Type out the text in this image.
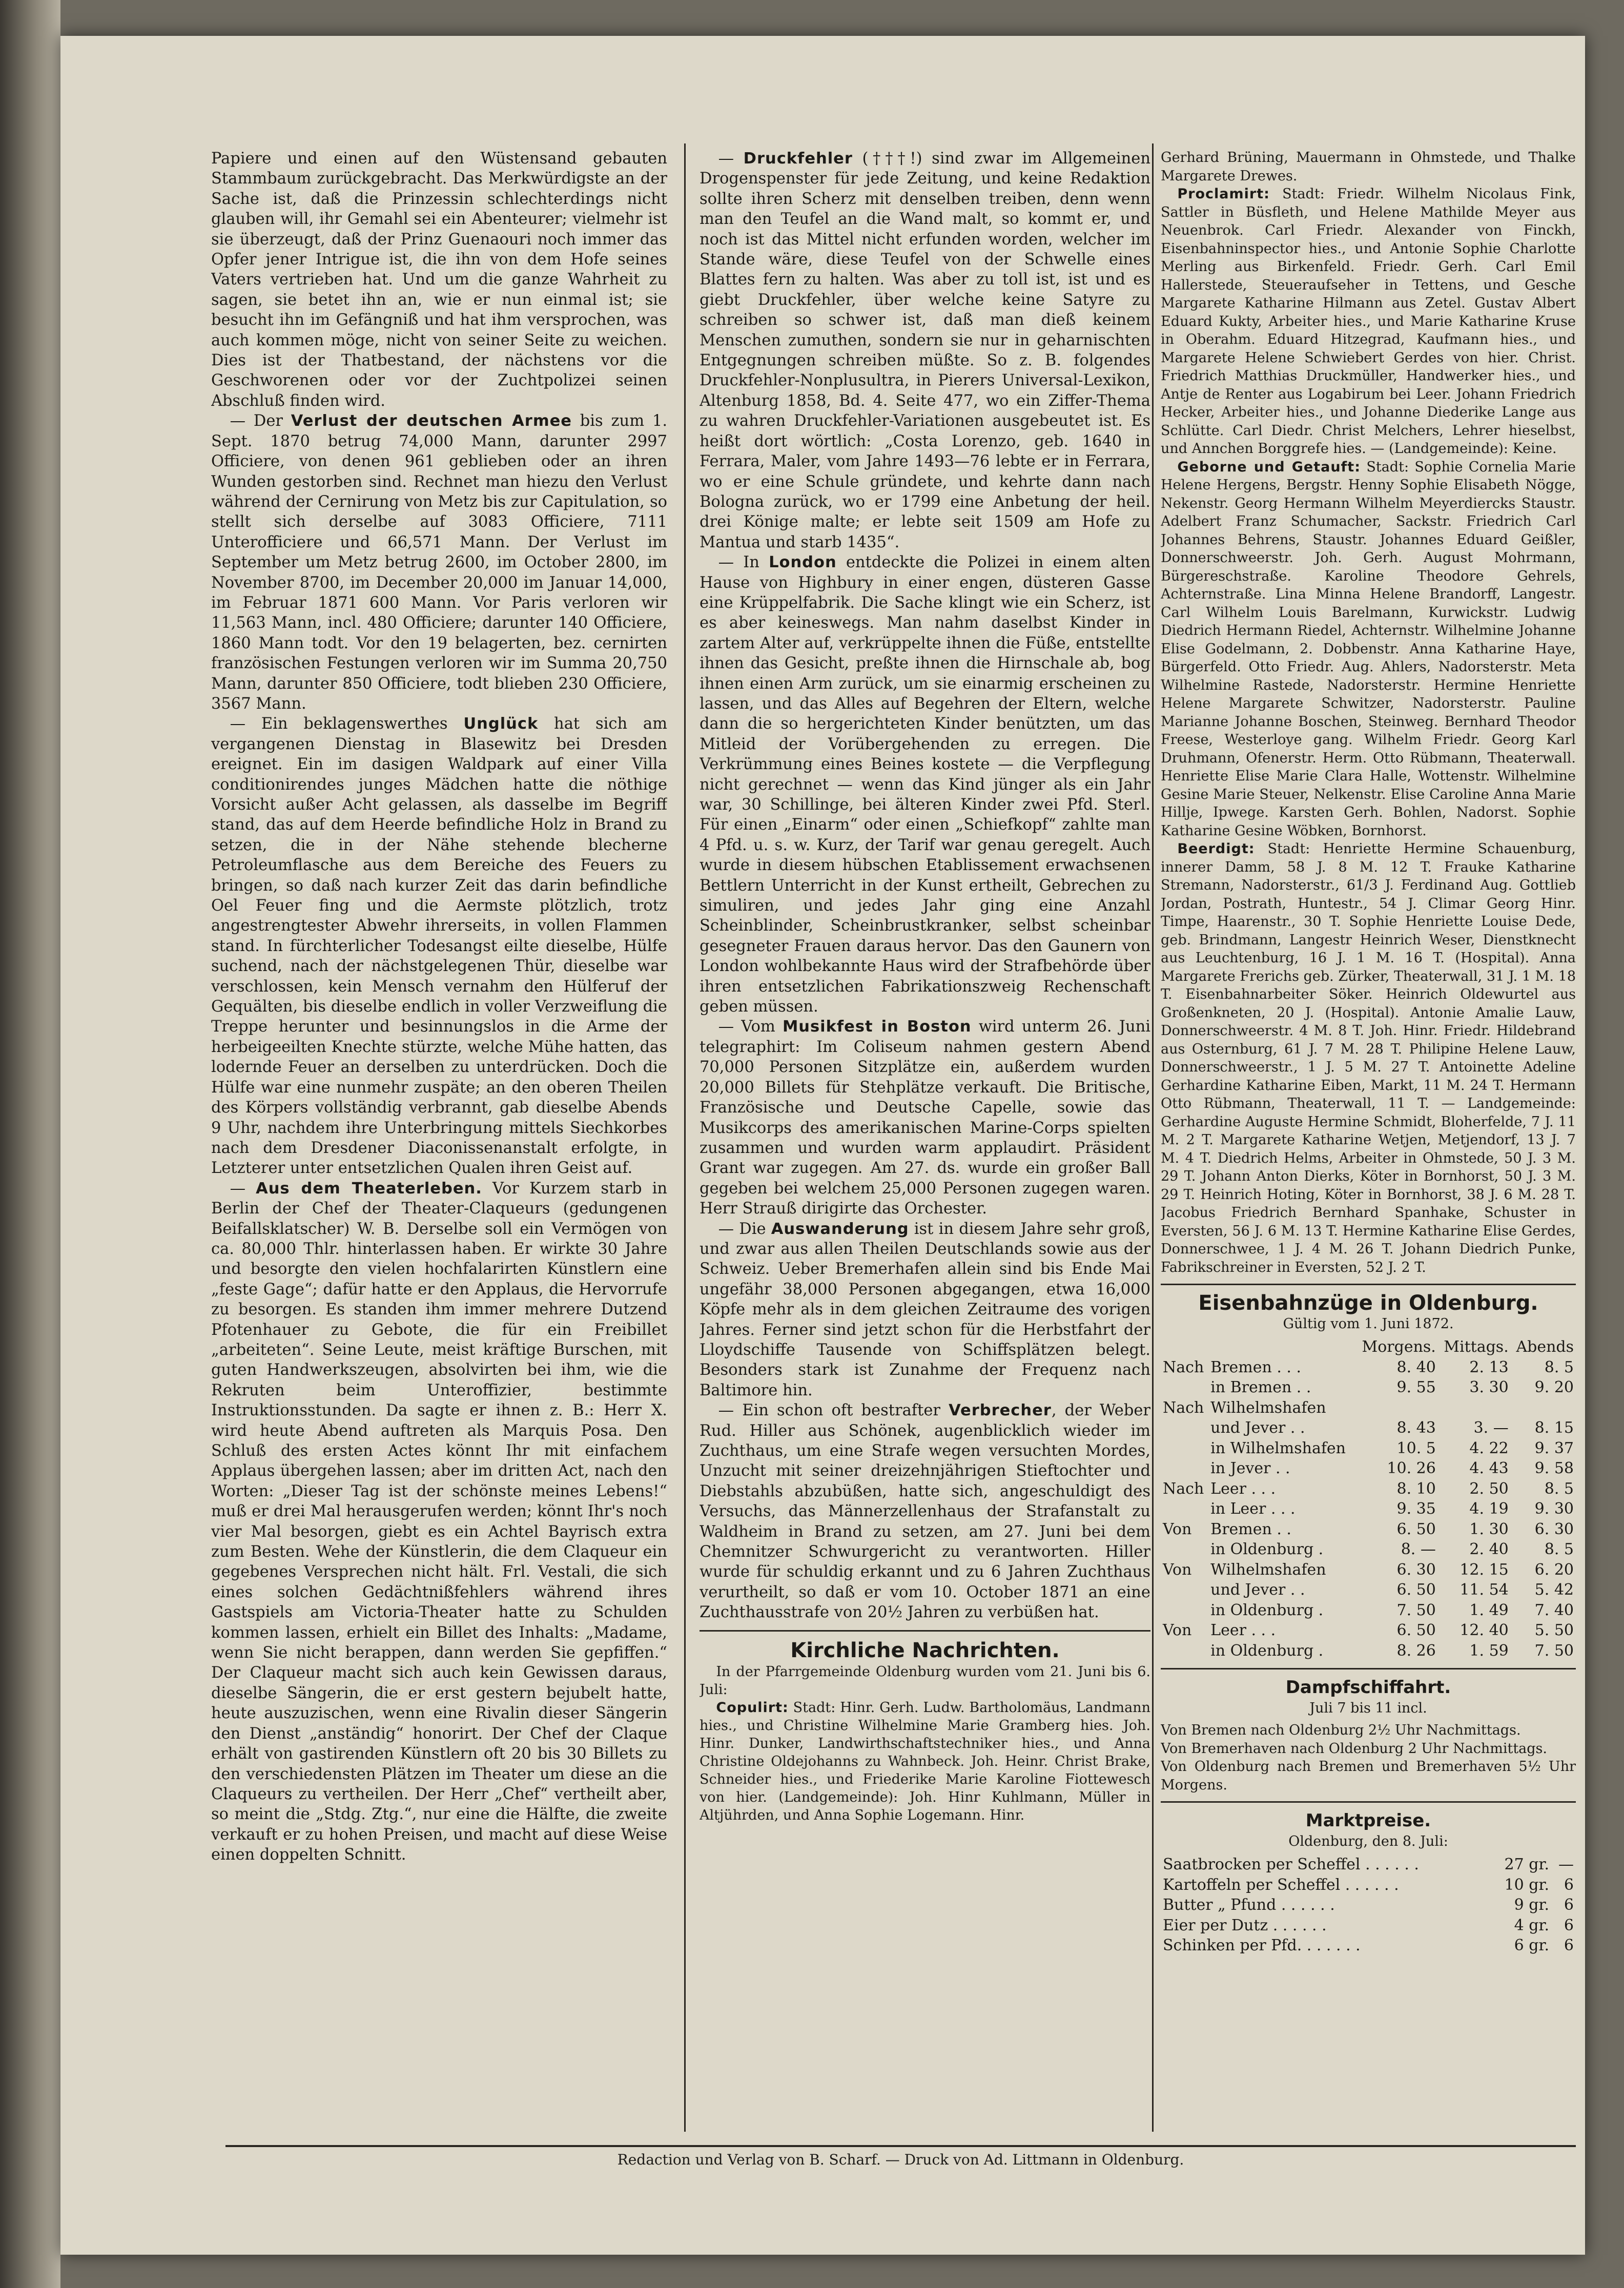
Papiere und einen auf den Wüstensand gebauten Stammbaum zurückgebracht. Das Merkwürdigste an der Sache ist, daß die Prinzessin schlechterdings nicht glauben will, ihr Gemahl sei ein Abenteurer; vielmehr ist sie überzeugt, daß der Prinz Guenaouri noch immer das Opfer jener Intrigue ist, die ihn von dem Hofe seines Vaters vertrieben hat. Und um die ganze Wahrheit zu sagen, sie betet ihn an, wie er nun einmal ist; sie besucht ihn im Gefängniß und hat ihm versprochen, was auch kommen möge, nicht von seiner Seite zu weichen. Dies ist der Thatbestand, der nächstens vor die Geschworenen oder vor der Zuchtpolizei seinen Abschluß finden wird.

— Der Verlust der deutschen Armee bis zum 1. Sept. 1870 betrug 74,000 Mann, darunter 2997 Officiere, von denen 961 geblieben oder an ihren Wunden gestorben sind. Rechnet man hiezu den Verlust während der Cernirung von Metz bis zur Capitulation, so stellt sich derselbe auf 3083 Officiere, 7111 Unterofficiere und 66,571 Mann. Der Verlust im September um Metz betrug 2600, im October 2800, im November 8700, im December 20,000 im Januar 14,000, im Februar 1871 600 Mann. Vor Paris verloren wir 11,563 Mann, incl. 480 Officiere; darunter 140 Officiere, 1860 Mann todt. Vor den 19 belagerten, bez. cernirten französischen Festungen verloren wir im Summa 20,750 Mann, darunter 850 Officiere, todt blieben 230 Officiere, 3567 Mann.

— Ein beklagenswerthes Unglück hat sich am vergangenen Dienstag in Blasewitz bei Dresden ereignet. Ein im dasigen Waldpark auf einer Villa conditionirendes junges Mädchen hatte die nöthige Vorsicht außer Acht gelassen, als dasselbe im Begriff stand, das auf dem Heerde befindliche Holz in Brand zu setzen, die in der Nähe stehende blecherne Petroleumflasche aus dem Bereiche des Feuers zu bringen, so daß nach kurzer Zeit das darin befindliche Oel Feuer fing und die Aermste plötzlich, trotz angestrengtester Abwehr ihrerseits, in vollen Flammen stand. In fürchterlicher Todesangst eilte dieselbe, Hülfe suchend, nach der nächstgelegenen Thür, dieselbe war verschlossen, kein Mensch vernahm den Hülferuf der Gequälten, bis dieselbe endlich in voller Verzweiflung die Treppe herunter und besinnungslos in die Arme der herbeigeeilten Knechte stürzte, welche Mühe hatten, das lodernde Feuer an derselben zu unterdrücken. Doch die Hülfe war eine nunmehr zuspäte; an den oberen Theilen des Körpers vollständig verbrannt, gab dieselbe Abends 9 Uhr, nachdem ihre Unterbringung mittels Siechkorbes nach dem Dresdener Diaconissenanstalt erfolgte, in Letzterer unter entsetzlichen Qualen ihren Geist auf.

— Aus dem Theaterleben. Vor Kurzem starb in Berlin der Chef der Theater-Claqueurs (gedungenen Beifallsklatscher) W. B. Derselbe soll ein Vermögen von ca. 80,000 Thlr. hinterlassen haben. Er wirkte 30 Jahre und besorgte den vielen hochfalarirten Künstlern eine „feste Gage“; dafür hatte er den Applaus, die Hervorrufe zu besorgen. Es standen ihm immer mehrere Dutzend Pfotenhauer zu Gebote, die für ein Freibillet „arbeiteten“. Seine Leute, meist kräftige Burschen, mit guten Handwerkszeugen, absolvirten bei ihm, wie die Rekruten beim Unteroffizier, bestimmte Instruktionsstunden. Da sagte er ihnen z. B.: Herr X. wird heute Abend auftreten als Marquis Posa. Den Schluß des ersten Actes könnt Ihr mit einfachem Applaus übergehen lassen; aber im dritten Act, nach den Worten: „Dieser Tag ist der schönste meines Lebens!“ muß er drei Mal herausgerufen werden; könnt Ihr's noch vier Mal besorgen, giebt es ein Achtel Bayrisch extra zum Besten. Wehe der Künstlerin, die dem Claqueur ein gegebenes Versprechen nicht hält. Frl. Vestali, die sich eines solchen Gedächtnißfehlers während ihres Gastspiels am Victoria-Theater hatte zu Schulden kommen lassen, erhielt ein Billet des Inhalts: „Madame, wenn Sie nicht berappen, dann werden Sie gepfiffen.“ Der Claqueur macht sich auch kein Gewissen daraus, dieselbe Sängerin, die er erst gestern bejubelt hatte, heute auszuzischen, wenn eine Rivalin dieser Sängerin den Dienst „anständig“ honorirt. Der Chef der Claque erhält von gastirenden Künstlern oft 20 bis 30 Billets zu den verschiedensten Plätzen im Theater um diese an die Claqueurs zu vertheilen. Der Herr „Chef“ vertheilt aber, so meint die „Stdg. Ztg.“, nur eine die Hälfte, die zweite verkauft er zu hohen Preisen, und macht auf diese Weise einen doppelten Schnitt.

— Druckfehler (†††!) sind zwar im Allgemeinen Drogenspenster für jede Zeitung, und keine Redaktion sollte ihren Scherz mit denselben treiben, denn wenn man den Teufel an die Wand malt, so kommt er, und noch ist das Mittel nicht erfunden worden, welcher im Stande wäre, diese Teufel von der Schwelle eines Blattes fern zu halten. Was aber zu toll ist, ist und es giebt Druckfehler, über welche keine Satyre zu schreiben so schwer ist, daß man dieß keinem Menschen zumuthen, sondern sie nur in geharnischten Entgegnungen schreiben müßte. So z. B. folgendes Druckfehler-Nonplusultra, in Pierers Universal-Lexikon, Altenburg 1858, Bd. 4. Seite 477, wo ein Ziffer-Thema zu wahren Druckfehler-Variationen ausgebeutet ist. Es heißt dort wörtlich: „Costa Lorenzo, geb. 1640 in Ferrara, Maler, vom Jahre 1493—76 lebte er in Ferrara, wo er eine Schule gründete, und kehrte dann nach Bologna zurück, wo er 1799 eine Anbetung der heil. drei Könige malte; er lebte seit 1509 am Hofe zu Mantua und starb 1435“.

— In London entdeckte die Polizei in einem alten Hause von Highbury in einer engen, düsteren Gasse eine Krüppelfabrik. Die Sache klingt wie ein Scherz, ist es aber keineswegs. Man nahm daselbst Kinder in zartem Alter auf, verkrüppelte ihnen die Füße, entstellte ihnen das Gesicht, preßte ihnen die Hirnschale ab, bog ihnen einen Arm zurück, um sie einarmig erscheinen zu lassen, und das Alles auf Begehren der Eltern, welche dann die so hergerichteten Kinder benützten, um das Mitleid der Vorübergehenden zu erregen. Die Verkrümmung eines Beines kostete — die Verpflegung nicht gerechnet — wenn das Kind jünger als ein Jahr war, 30 Schillinge, bei älteren Kinder zwei Pfd. Sterl. Für einen „Einarm“ oder einen „Schiefkopf“ zahlte man 4 Pfd. u. s. w. Kurz, der Tarif war genau geregelt. Auch wurde in diesem hübschen Etablissement erwachsenen Bettlern Unterricht in der Kunst ertheilt, Gebrechen zu simuliren, und jedes Jahr ging eine Anzahl Scheinblinder, Scheinbrustkranker, selbst scheinbar gesegneter Frauen daraus hervor. Das den Gaunern von London wohlbekannte Haus wird der Strafbehörde über ihren entsetzlichen Fabrikationszweig Rechenschaft geben müssen.

— Vom Musikfest in Boston wird unterm 26. Juni telegraphirt: Im Coliseum nahmen gestern Abend 70,000 Personen Sitzplätze ein, außerdem wurden 20,000 Billets für Stehplätze verkauft. Die Britische, Französische und Deutsche Capelle, sowie das Musikcorps des amerikanischen Marine-Corps spielten zusammen und wurden warm applaudirt. Präsident Grant war zugegen. Am 27. ds. wurde ein großer Ball gegeben bei welchem 25,000 Personen zugegen waren. Herr Strauß dirigirte das Orchester.

— Die Auswanderung ist in diesem Jahre sehr groß, und zwar aus allen Theilen Deutschlands sowie aus der Schweiz. Ueber Bremerhafen allein sind bis Ende Mai ungefähr 38,000 Personen abgegangen, etwa 16,000 Köpfe mehr als in dem gleichen Zeitraume des vorigen Jahres. Ferner sind jetzt schon für die Herbstfahrt der Lloydschiffe Tausende von Schiffsplätzen belegt. Besonders stark ist Zunahme der Frequenz nach Baltimore hin.

— Ein schon oft bestrafter Verbrecher, der Weber Rud. Hiller aus Schönek, augenblicklich wieder im Zuchthaus, um eine Strafe wegen versuchten Mordes, Unzucht mit seiner dreizehnjährigen Stieftochter und Diebstahls abzubüßen, hatte sich, angeschuldigt des Versuchs, das Männerzellenhaus der Strafanstalt zu Waldheim in Brand zu setzen, am 27. Juni bei dem Chemnitzer Schwurgericht zu verantworten. Hiller wurde für schuldig erkannt und zu 6 Jahren Zuchthaus verurtheilt, so daß er vom 10. October 1871 an eine Zuchthausstrafe von 20½ Jahren zu verbüßen hat.

Kirchliche Nachrichten.

In der Pfarrgemeinde Oldenburg wurden vom 21. Juni bis 6. Juli:

Copulirt: Stadt: Hinr. Gerh. Ludw. Bartholomäus, Landmann hies., und Christine Wilhelmine Marie Gramberg hies. Joh. Hinr. Dunker, Landwirthschaftstechniker hies., und Anna Christine Oldejohanns zu Wahnbeck. Joh. Heinr. Christ Brake, Schneider hies., und Friederike Marie Karoline Fiottewesch von hier. (Landgemeinde): Joh. Hinr Kuhlmann, Müller in Altjührden, und Anna Sophie Logemann. Hinr.

Gerhard Brüning, Mauermann in Ohmstede, und Thalke Margarete Drewes.

Proclamirt: Stadt: Friedr. Wilhelm Nicolaus Fink, Sattler in Büsfleth, und Helene Mathilde Meyer aus Neuenbrok. Carl Friedr. Alexander von Finckh, Eisenbahninspector hies., und Antonie Sophie Charlotte Merling aus Birkenfeld. Friedr. Gerh. Carl Emil Hallerstede, Steueraufseher in Tettens, und Gesche Margarete Katharine Hilmann aus Zetel. Gustav Albert Eduard Kukty, Arbeiter hies., und Marie Katharine Kruse in Oberahm. Eduard Hitzegrad, Kaufmann hies., und Margarete Helene Schwiebert Gerdes von hier. Christ. Friedrich Matthias Druckmüller, Handwerker hies., und Antje de Renter aus Logabirum bei Leer. Johann Friedrich Hecker, Arbeiter hies., und Johanne Diederike Lange aus Schlütte. Carl Diedr. Christ Melchers, Lehrer hieselbst, und Annchen Borggrefe hies. — (Landgemeinde): Keine.

Geborne und Getauft: Stadt: Sophie Cornelia Marie Helene Hergens, Bergstr. Henny Sophie Elisabeth Nögge, Nekenstr. Georg Hermann Wilhelm Meyerdiercks Staustr. Adelbert Franz Schumacher, Sackstr. Friedrich Carl Johannes Behrens, Staustr. Johannes Eduard Geißler, Donnerschweerstr. Joh. Gerh. August Mohrmann, Bürgereschstraße. Karoline Theodore Gehrels, Achternstraße. Lina Minna Helene Brandorff, Langestr. Carl Wilhelm Louis Barelmann, Kurwickstr. Ludwig Diedrich Hermann Riedel, Achternstr. Wilhelmine Johanne Elise Godelmann, 2. Dobbenstr. Anna Katharine Haye, Bürgerfeld. Otto Friedr. Aug. Ahlers, Nadorsterstr. Meta Wilhelmine Rastede, Nadorsterstr. Hermine Henriette Helene Margarete Schwitzer, Nadorsterstr. Pauline Marianne Johanne Boschen, Steinweg. Bernhard Theodor Freese, Westerloye gang. Wilhelm Friedr. Georg Karl Druhmann, Ofenerstr. Herm. Otto Rübmann, Theaterwall. Henriette Elise Marie Clara Halle, Wottenstr. Wilhelmine Gesine Marie Steuer, Nelkenstr. Elise Caroline Anna Marie Hillje, Ipwege. Karsten Gerh. Bohlen, Nadorst. Sophie Katharine Gesine Wöbken, Bornhorst.

Beerdigt: Stadt: Henriette Hermine Schauenburg, innerer Damm, 58 J. 8 M. 12 T. Frauke Katharine Stremann, Nadorsterstr., 61/3 J. Ferdinand Aug. Gottlieb Jordan, Postrath, Huntestr., 54 J. Climar Georg Hinr. Timpe, Haarenstr., 30 T. Sophie Henriette Louise Dede, geb. Brindmann, Langestr Heinrich Weser, Dienstknecht aus Leuchtenburg, 16 J. 1 M. 16 T. (Hospital). Anna Margarete Frerichs geb. Zürker, Theaterwall, 31 J. 1 M. 18 T. Eisenbahnarbeiter Söker. Heinrich Oldewurtel aus Großenkneten, 20 J. (Hospital). Antonie Amalie Lauw, Donnerschweerstr. 4 M. 8 T. Joh. Hinr. Friedr. Hildebrand aus Osternburg, 61 J. 7 M. 28 T. Philipine Helene Lauw, Donnerschweerstr., 1 J. 5 M. 27 T. Antoinette Adeline Gerhardine Katharine Eiben, Markt, 11 M. 24 T. Hermann Otto Rübmann, Theaterwall, 11 T. — Landgemeinde: Gerhardine Auguste Hermine Schmidt, Bloherfelde, 7 J. 11 M. 2 T. Margarete Katharine Wetjen, Metjendorf, 13 J. 7 M. 4 T. Diedrich Helms, Arbeiter in Ohmstede, 50 J. 3 M. 29 T. Johann Anton Dierks, Köter in Bornhorst, 50 J. 3 M. 29 T. Heinrich Hoting, Köter in Bornhorst, 38 J. 6 M. 28 T. Jacobus Friedrich Bernhard Spanhake, Schuster in Eversten, 56 J. 6 M. 13 T. Hermine Katharine Elise Gerdes, Donnerschwee, 1 J. 4 M. 26 T. Johann Diedrich Punke, Fabrikschreiner in Eversten, 52 J. 2 T.

Eisenbahnzüge in Oldenburg.
Gültig vom 1. Juni 1872.
		Morgens.	Mittags.	Abends
Nach	Bremen . . .	8. 40	2. 13	8. 5
	in Bremen . .	9. 55	3. 30	9. 20
Nach	Wilhelmshafen			
	und Jever . .	8. 43	3. —	8. 15
	in Wilhelmshafen	10. 5	4. 22	9. 37
	in Jever . .	10. 26	4. 43	9. 58
Nach	Leer . . .	8. 10	2. 50	8. 5
	in Leer . . .	9. 35	4. 19	9. 30
Von	Bremen . .	6. 50	1. 30	6. 30
	in Oldenburg .	8. —	2. 40	8. 5
Von	Wilhelmshafen	6. 30	12. 15	6. 20
	und Jever . .	6. 50	11. 54	5. 42
	in Oldenburg .	7. 50	1. 49	7. 40
Von	Leer . . .	6. 50	12. 40	5. 50
	in Oldenburg .	8. 26	1. 59	7. 50
Dampfschiffahrt.
Juli 7 bis 11 incl.
Von Bremen nach Oldenburg 2½ Uhr Nachmittags.
Von Bremerhaven nach Oldenburg 2 Uhr Nachmittags.
Von Oldenburg nach Bremen und Bremerhaven 5½ Uhr Morgens.
Marktpreise.
Oldenburg, den 8. Juli:
Saatbrocken per Scheffel . . . . . .	27 gr.	—
Kartoffeln per Scheffel . . . . . .	10 gr.	6
Butter „ Pfund . . . . . .	9 gr.	6
Eier per Dutz . . . . . .	4 gr.	6
Schinken per Pfd. . . . . . .	6 gr.	6
Redaction und Verlag von B. Scharf. — Druck von Ad. Littmann in Oldenburg.
